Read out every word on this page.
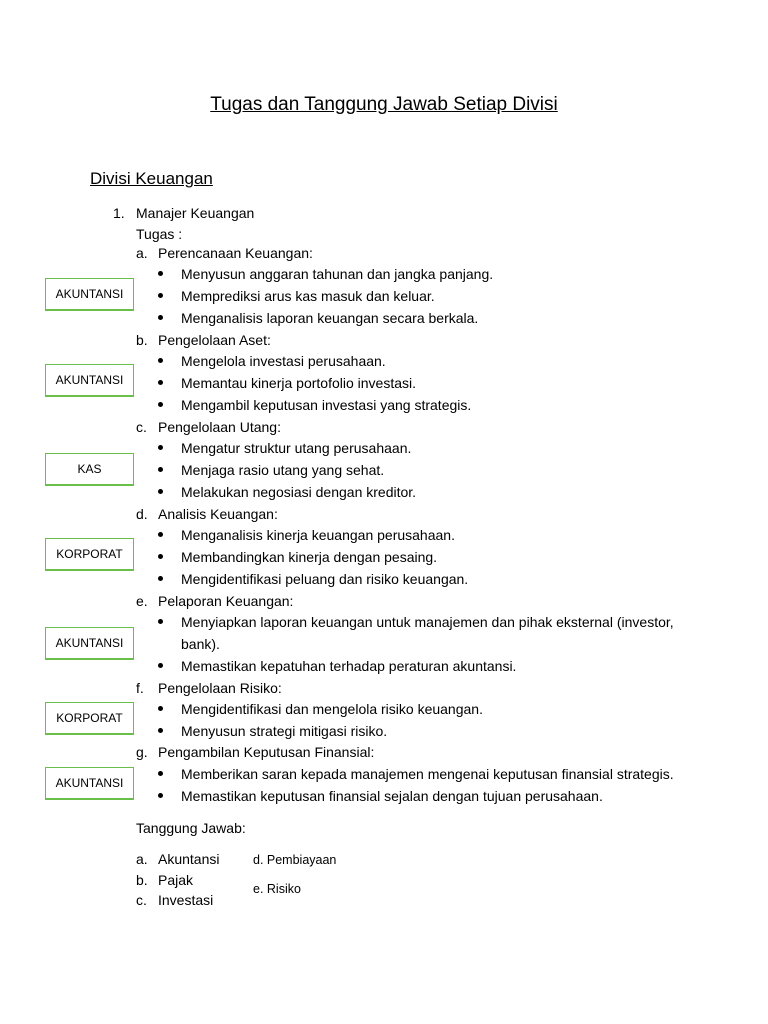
Tugas dan Tanggung Jawab Setiap Divisi
Divisi Keuangan
1. Manajer Keuangan
Tugas :
a. Perencanaan Keuangan:
Menyusun anggaran tahunan dan jangka panjang.
Memprediksi arus kas masuk dan keluar.
Menganalisis laporan keuangan secara berkala.
AKUNTANSI
b. Pengelolaan Aset:
Mengelola investasi perusahaan.
Memantau kinerja portofolio investasi.
Mengambil keputusan investasi yang strategis.
AKUNTANSI
c. Pengelolaan Utang:
Mengatur struktur utang perusahaan.
Menjaga rasio utang yang sehat.
Melakukan negosiasi dengan kreditor.
KAS
d. Analisis Keuangan:
Menganalisis kinerja keuangan perusahaan.
Membandingkan kinerja dengan pesaing.
Mengidentifikasi peluang dan risiko keuangan.
KORPORAT
e. Pelaporan Keuangan:
Menyiapkan laporan keuangan untuk manajemen dan pihak eksternal (investor,
bank).
Memastikan kepatuhan terhadap peraturan akuntansi.
AKUNTANSI
f. Pengelolaan Risiko:
Mengidentifikasi dan mengelola risiko keuangan.
Menyusun strategi mitigasi risiko.
KORPORAT
g. Pengambilan Keputusan Finansial:
Memberikan saran kepada manajemen mengenai keputusan finansial strategis.
Memastikan keputusan finansial sejalan dengan tujuan perusahaan.
AKUNTANSI
Tanggung Jawab:
a. Akuntansi
b. Pajak
c. Investasi
d. Pembiayaan
e. Risiko
